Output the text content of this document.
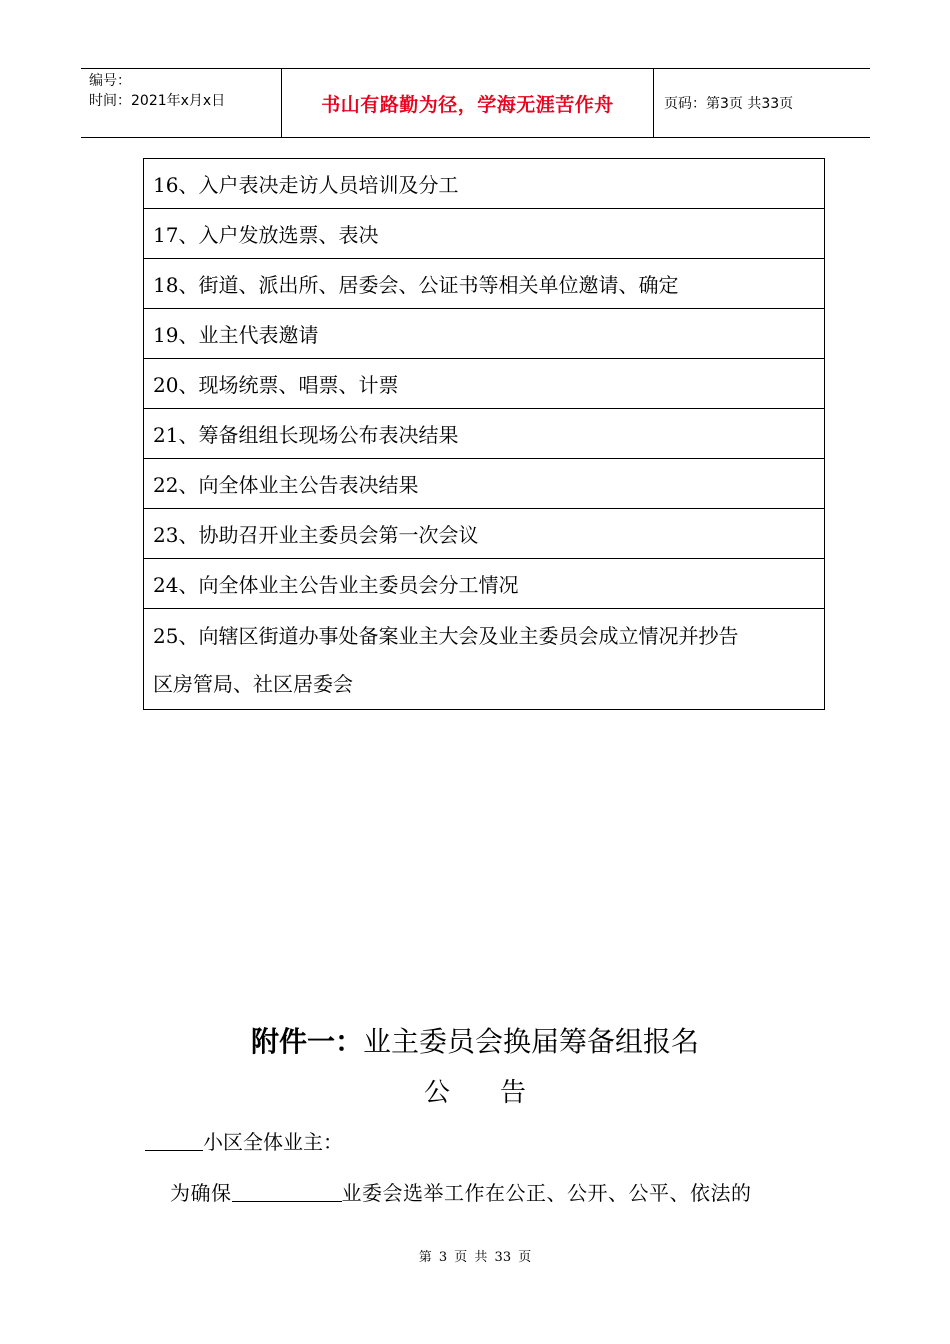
编号：
时间：2021年x月x日	书山有路勤为径，学海无涯苦作舟	页码：第3页 共33页
16、入户表决走访人员培训及分工
17、入户发放选票、表决
18、街道、派出所、居委会、公证书等相关单位邀请、确定
19、业主代表邀请
20、现场统票、唱票、计票
21、筹备组组长现场公布表决结果
22、向全体业主公告表决结果
23、协助召开业主委员会第一次会议
24、向全体业主公告业主委员会分工情况

25、向辖区街道办事处备案业主大会及业主委员会成立情况并抄告
区房管局、社区居委会
附件一：业主委员会换届筹备组报名
公告
小区全体业主：
为确保	业委会选举工作在公正、公开、公平、依法的
第 3 页 共 33 页
